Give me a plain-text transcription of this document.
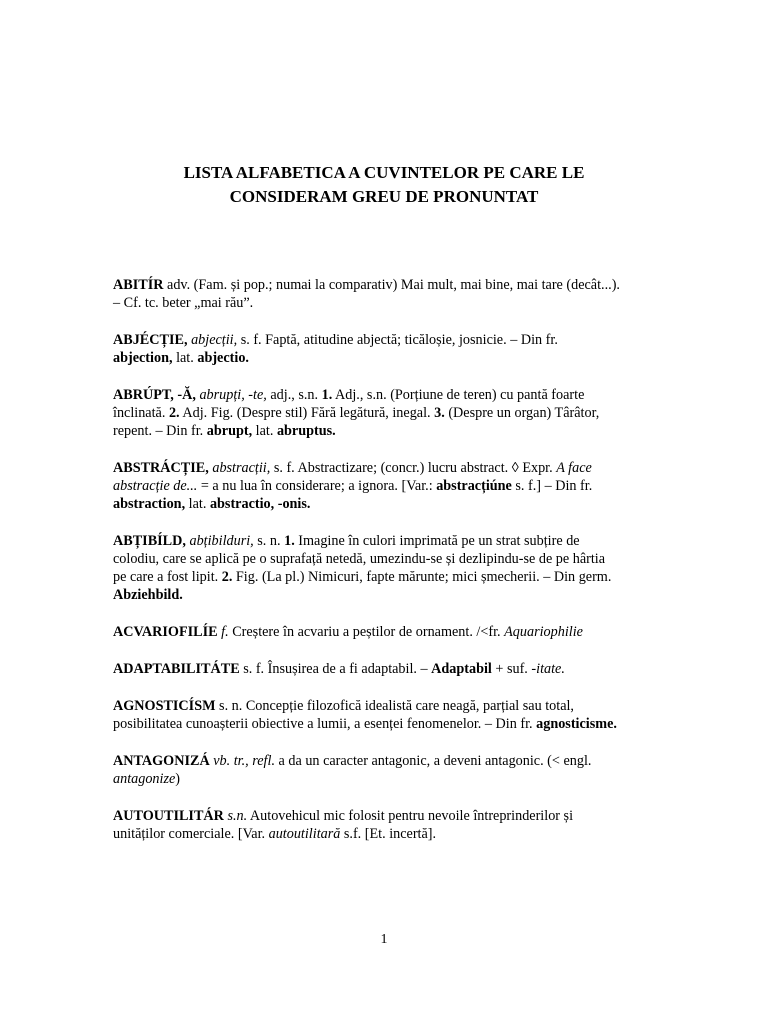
LISTA ALFABETICA A CUVINTELOR PE CARE LE
CONSIDERAM GREU DE PRONUNTAT

ABITÍR adv. (Fam. și pop.; numai la comparativ) Mai mult, mai bine, mai tare (decât...).
– Cf. tc. beter „mai rău”.

ABJÉCȚIE, abjecții, s. f. Faptă, atitudine abjectă; ticăloșie, josnicie. – Din fr.
abjection, lat. abjectio.

ABRÚPT, -Ă, abrupți, -te, adj., s.n. 1. Adj., s.n. (Porțiune de teren) cu pantă foarte
înclinată. 2. Adj. Fig. (Despre stil) Fără legătură, inegal. 3. (Despre un organ) Târâtor,
repent. – Din fr. abrupt, lat. abruptus.

ABSTRÁCȚIE, abstracții, s. f. Abstractizare; (concr.) lucru abstract. ◊ Expr. A face
abstracție de... = a nu lua în considerare; a ignora. [Var.: abstracțiúne s. f.] – Din fr.
abstraction, lat. abstractio, -onis.

ABȚIBÍLD, abțibilduri, s. n. 1. Imagine în culori imprimată pe un strat subțire de
colodiu, care se aplică pe o suprafață netedă, umezindu-se și dezlipindu-se de pe hârtia
pe care a fost lipit. 2. Fig. (La pl.) Nimicuri, fapte mărunte; mici șmecherii. – Din germ.
Abziehbild.

ACVARIOFILÍE f. Creștere în acvariu a peștilor de ornament. /<fr. Aquariophilie

ADAPTABILITÁTE s. f. Însușirea de a fi adaptabil. – Adaptabil + suf. -itate.

AGNOSTICÍSM s. n. Concepție filozofică idealistă care neagă, parțial sau total,
posibilitatea cunoașterii obiective a lumii, a esenței fenomenelor. – Din fr. agnosticisme.

ANTAGONIZÁ vb. tr., refl. a da un caracter antagonic, a deveni antagonic. (< engl.
antagonize)

AUTOUTILITÁR s.n. Autovehicul mic folosit pentru nevoile întreprinderilor și
unităților comerciale. [Var. autoutilitară s.f. [Et. incertă].

1
